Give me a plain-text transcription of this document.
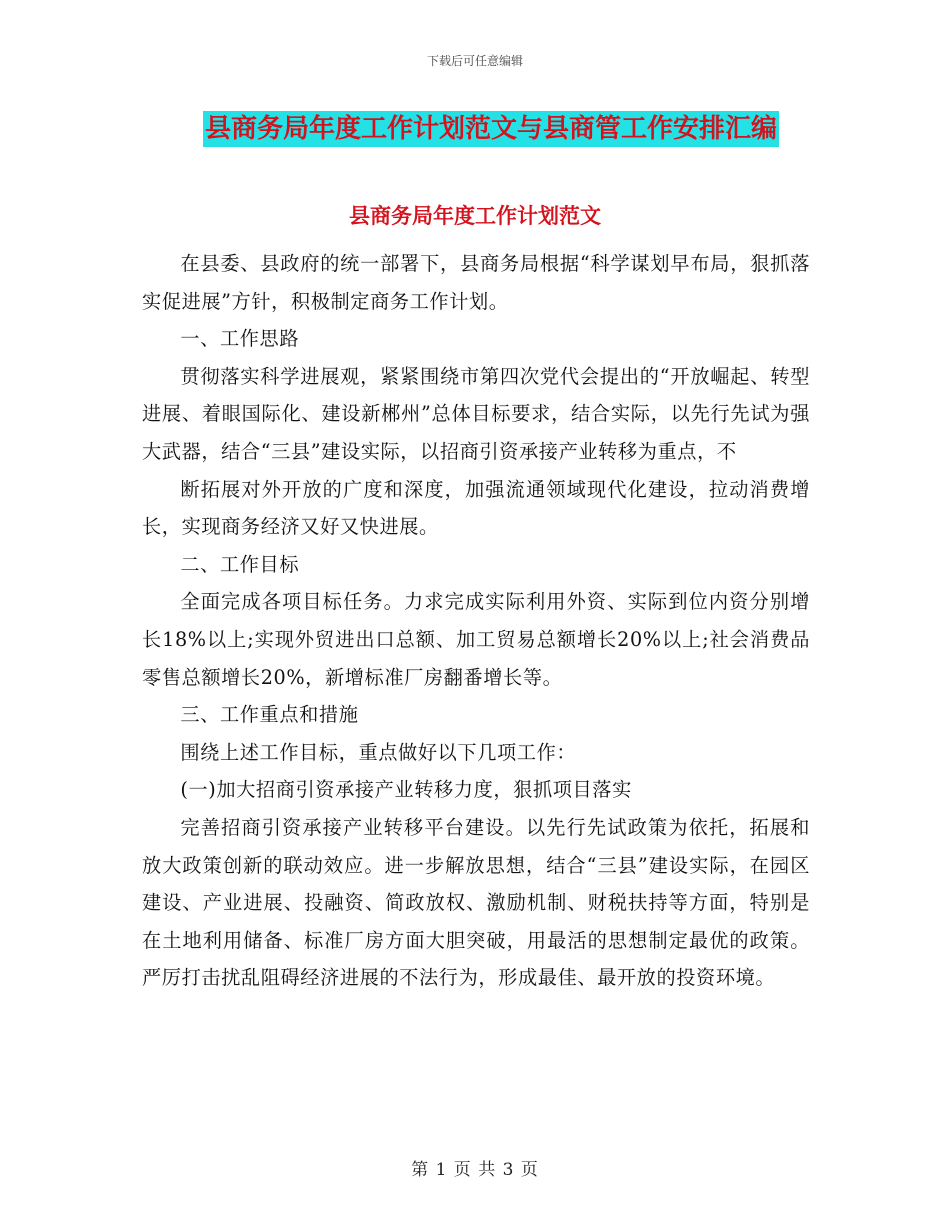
下载后可任意编辑
县商务局年度工作计划范文与县商管工作安排汇编
县商务局年度工作计划范文

在县委、县政府的统一部署下，县商务局根据“科学谋划早布局，狠抓落实促进展”方针，积极制定商务工作计划。

一、工作思路

贯彻落实科学进展观，紧紧围绕市第四次党代会提出的“开放崛起、转型进展、着眼国际化、建设新郴州”总体目标要求，结合实际，以先行先试为强大武器，结合“三县”建设实际，以招商引资承接产业转移为重点，不

断拓展对外开放的广度和深度，加强流通领域现代化建设，拉动消费增长，实现商务经济又好又快进展。

二、工作目标

全面完成各项目标任务。力求完成实际利用外资、实际到位内资分别增长18%以上;实现外贸进出口总额、加工贸易总额增长20%以上;社会消费品零售总额增长20%，新增标准厂房翻番增长等。

三、工作重点和措施

围绕上述工作目标，重点做好以下几项工作：

(一)加大招商引资承接产业转移力度，狠抓项目落实

完善招商引资承接产业转移平台建设。以先行先试政策为依托，拓展和放大政策创新的联动效应。进一步解放思想，结合“三县”建设实际，在园区建设、产业进展、投融资、简政放权、激励机制、财税扶持等方面，特别是在土地利用储备、标准厂房方面大胆突破，用最活的思想制定最优的政策。严厉打击扰乱阻碍经济进展的不法行为，形成最佳、最开放的投资环境。

第 1 页 共 3 页
